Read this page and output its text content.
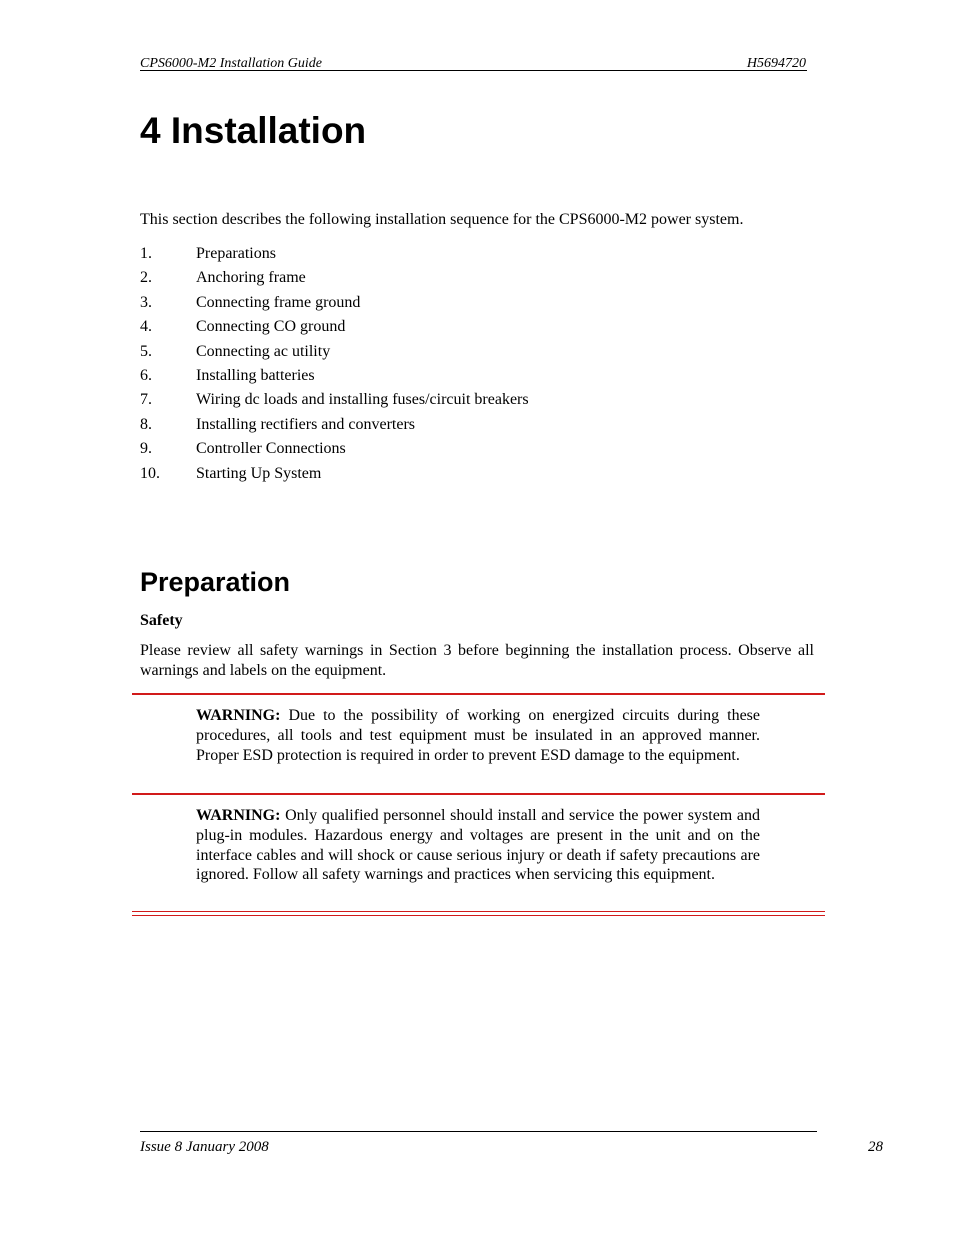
CPS6000-M2 Installation Guide	H5694720
4 Installation
This section describes the following installation sequence for the CPS6000-M2 power system.
1.	Preparations
2.	Anchoring frame
3.	Connecting frame ground
4.	Connecting CO ground
5.	Connecting ac utility
6.	Installing batteries
7.	Wiring dc loads and installing fuses/circuit breakers
8.	Installing rectifiers and converters
9.	Controller Connections
10. Starting Up System
Preparation
Safety
Please review all safety warnings in Section 3 before beginning the installation process. Observe all warnings and labels on the equipment.
WARNING: Due to the possibility of working on energized circuits during these procedures, all tools and test equipment must be insulated in an approved manner. Proper ESD protection is required in order to prevent ESD damage to the equipment.
WARNING: Only qualified personnel should install and service the power system and plug-in modules. Hazardous energy and voltages are present in the unit and on the interface cables and will shock or cause serious injury or death if safety precautions are ignored. Follow all safety warnings and practices when servicing this equipment.
Issue 8 January 2008	28
